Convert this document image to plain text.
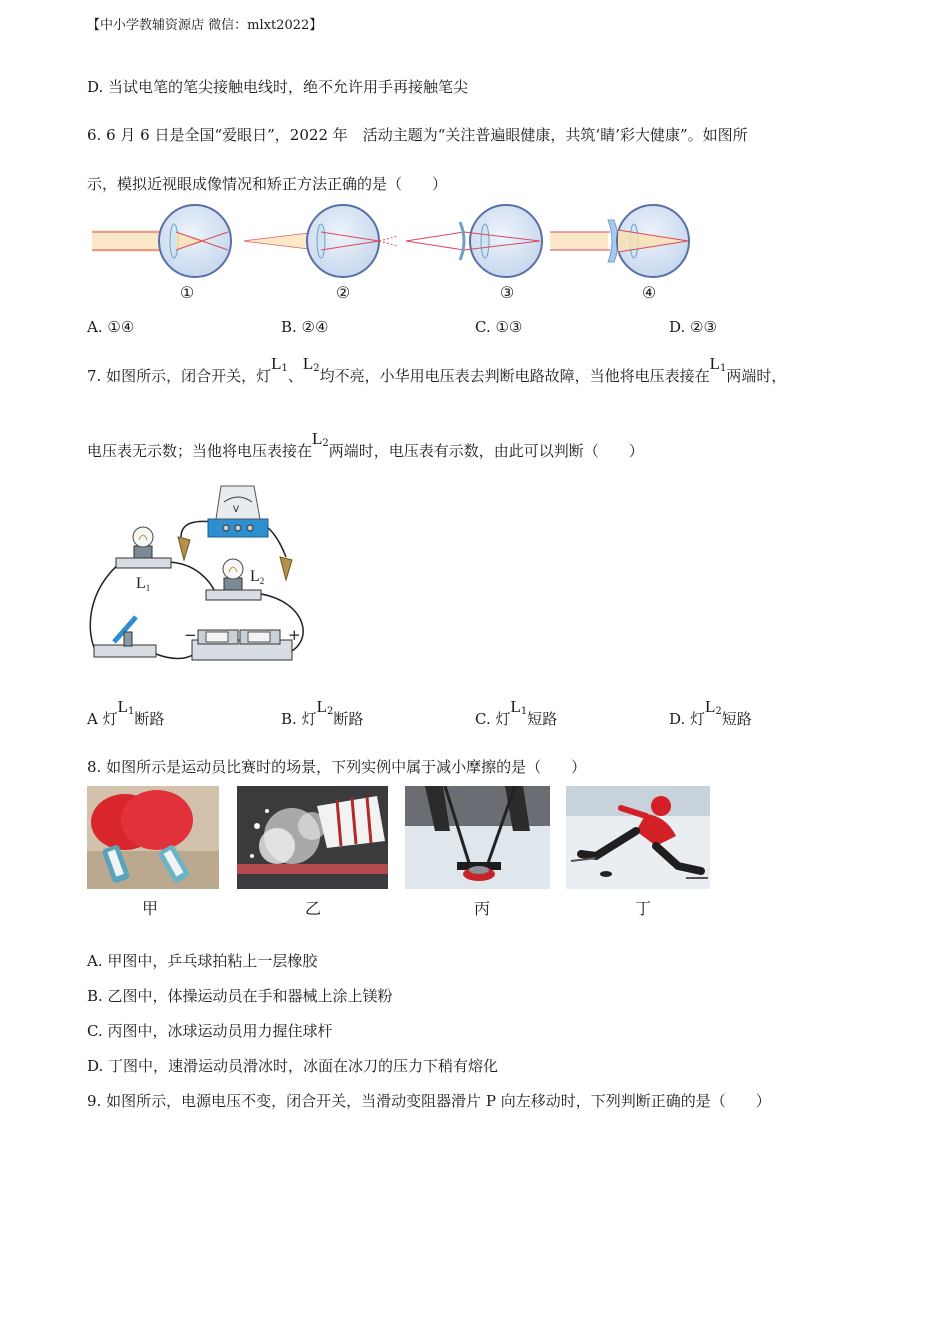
【中小学教辅资源店 微信：mlxt2022】
D. 当试电笔的笔尖接触电线时，绝不允许用手再接触笔尖
6. 6 月 6 日是全国“爱眼日”，2022 年　活动主题为“关注普遍眼健康，共筑‘睛’彩大健康”。如图所
示，模拟近视眼成像情况和矫正方法正确的是（　　）
①	②	③	④
A. ①④	B. ②④	C. ①③	D. ②③
7. 如图所示，闭合开关，灯$L_1$、$L_2$均不亮，小华用电压表去判断电路故障，当他将电压表接在$L_1$两端时，
电压表无示数；当他将电压表接在$L_2$两端时，电压表有示数，由此可以判断（　　）
V
L1
L2
−	+
A 灯$L_1$断路	B. 灯$L_2$断路	C. 灯$L_1$短路	D. 灯$L_2$短路
8. 如图所示是运动员比赛时的场景，下列实例中属于减小摩擦的是（　　）
甲	乙	丙	丁
A. 甲图中，乒乓球拍粘上一层橡胶
B. 乙图中，体操运动员在手和器械上涂上镁粉
C. 丙图中，冰球运动员用力握住球杆
D. 丁图中，速滑运动员滑冰时，冰面在冰刀的压力下稍有熔化
9. 如图所示，电源电压不变，闭合开关，当滑动变阻器滑片 P 向左移动时，下列判断正确的是（　　）
